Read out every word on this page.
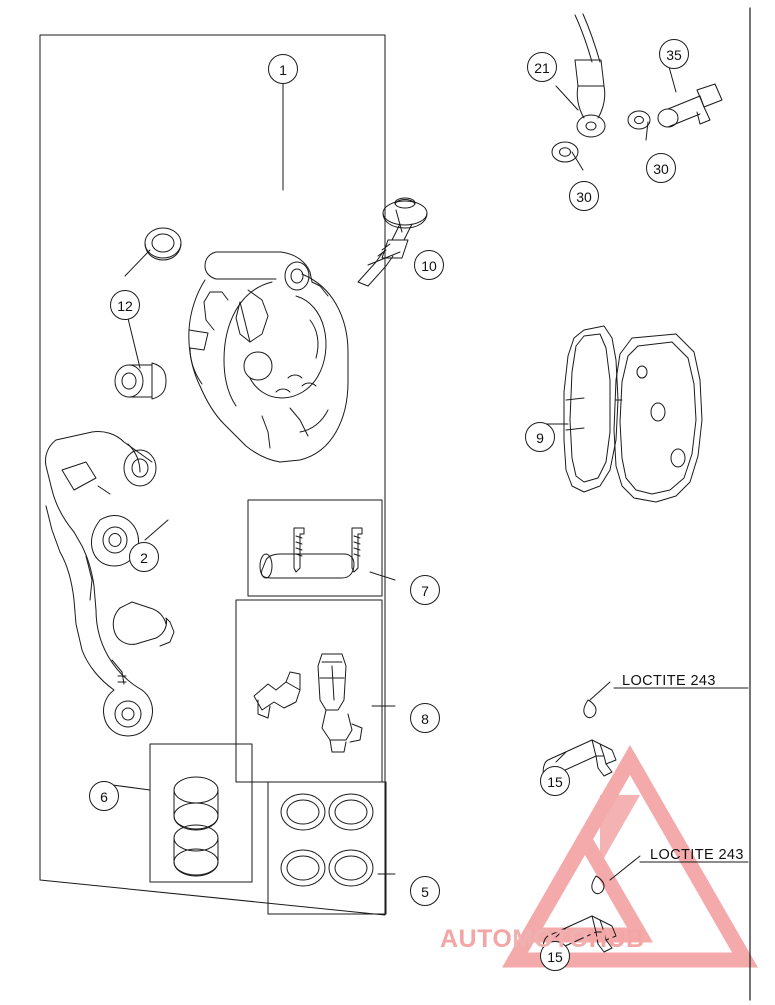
1	21
35
30
30
10
12
9
2
7
8
6
5
15
15
LOCTITE 243
LOCTITE 243
AUTOMOTOHUB
